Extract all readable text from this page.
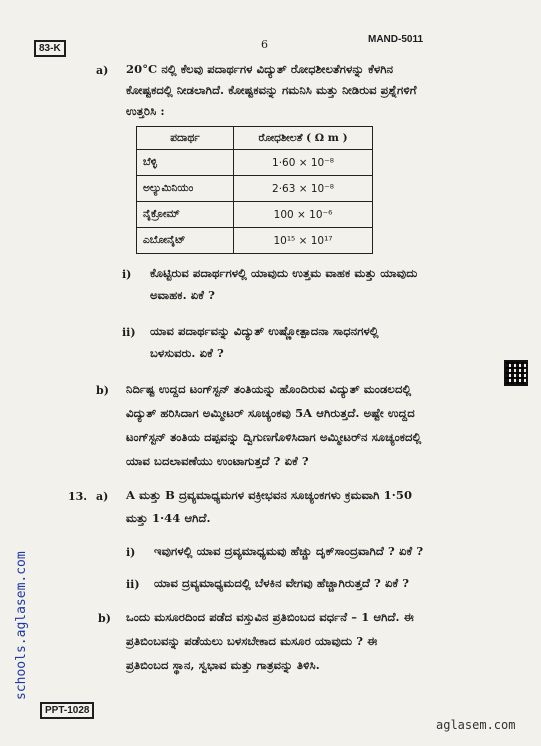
83-K	6	MAND-5011
a) 20°C ನಲ್ಲಿ ಕೆಲವು ಪದಾರ್ಥಗಳ ವಿದ್ಯುತ್ ರೋಧಶೀಲತೆಗಳನ್ನು ಕೆಳಗಿನ
ಕೋಷ್ಟಕದಲ್ಲಿ ನೀಡಲಾಗಿದೆ. ಕೋಷ್ಟಕವನ್ನು ಗಮನಿಸಿ ಮತ್ತು ನೀಡಿರುವ ಪ್ರಶ್ನೆಗಳಿಗೆ
ಉತ್ತರಿಸಿ :
ಪದಾರ್ಥ	ರೋಧಶೀಲತೆ ( Ω m )
ಬೆಳ್ಳಿ	1·60 × 10⁻⁸
ಅಲ್ಯುಮಿನಿಯಂ	2·63 × 10⁻⁸
ನೈಕ್ರೋಮ್	100 × 10⁻⁶
ಎಬೋನೈಟ್	10¹⁵ × 10¹⁷
i) ಕೊಟ್ಟಿರುವ ಪದಾರ್ಥಗಳಲ್ಲಿ ಯಾವುದು ಉತ್ತಮ ವಾಹಕ ಮತ್ತು ಯಾವುದು
ಅವಾಹಕ. ಏಕೆ ?
ii) ಯಾವ ಪದಾರ್ಥವನ್ನು ವಿದ್ಯುತ್ ಉಷ್ಣೋತ್ಪಾದನಾ ಸಾಧನಗಳಲ್ಲಿ
ಬಳಸುವರು. ಏಕೆ ?
b) ನಿರ್ದಿಷ್ಟ ಉದ್ದದ ಟಂಗ್‌ಸ್ಟನ್ ತಂತಿಯನ್ನು ಹೊಂದಿರುವ ವಿದ್ಯುತ್ ಮಂಡಲದಲ್ಲಿ
ವಿದ್ಯುತ್ ಹರಿಸಿದಾಗ ಅಮ್ಮೀಟರ್ ಸೂಚ್ಯಂಕವು 5A ಆಗಿರುತ್ತದೆ. ಅಷ್ಟೇ ಉದ್ದದ
ಟಂಗ್‌ಸ್ಟನ್ ತಂತಿಯ ದಪ್ಪವನ್ನು ದ್ವಿಗುಣಗೊಳಿಸಿದಾಗ ಅಮ್ಮೀಟರ್‌ನ ಸೂಚ್ಯಂಕದಲ್ಲಿ
ಯಾವ ಬದಲಾವಣೆಯು ಉಂಟಾಗುತ್ತದೆ ? ಏಕೆ ?
13. a) A ಮತ್ತು B ದ್ರವ್ಯಮಾಧ್ಯಮಗಳ ವಕ್ರೀಭವನ ಸೂಚ್ಯಂಕಗಳು ಕ್ರಮವಾಗಿ 1·50
ಮತ್ತು 1·44 ಆಗಿದೆ.
i) ಇವುಗಳಲ್ಲಿ ಯಾವ ದ್ರವ್ಯಮಾಧ್ಯಮವು ಹೆಚ್ಚು ದೃಕ್‌ಸಾಂದ್ರವಾಗಿದೆ ? ಏಕೆ ?
ii) ಯಾವ ದ್ರವ್ಯಮಾಧ್ಯಮದಲ್ಲಿ ಬೆಳಕಿನ ವೇಗವು ಹೆಚ್ಚಾಗಿರುತ್ತದೆ ? ಏಕೆ ?
b) ಒಂದು ಮಸೂರದಿಂದ ಪಡೆದ ವಸ್ತುವಿನ ಪ್ರತಿಬಿಂಬದ ವರ್ಧನೆ – 1 ಆಗಿದೆ. ಈ
ಪ್ರತಿಬಿಂಬವನ್ನು ಪಡೆಯಲು ಬಳಸಬೇಕಾದ ಮಸೂರ ಯಾವುದು ? ಈ
ಪ್ರತಿಬಿಂಬದ ಸ್ಥಾನ, ಸ್ವಭಾವ ಮತ್ತು ಗಾತ್ರವನ್ನು ತಿಳಿಸಿ.
PPT-1028
schools.aglasem.com
aglasem.com
